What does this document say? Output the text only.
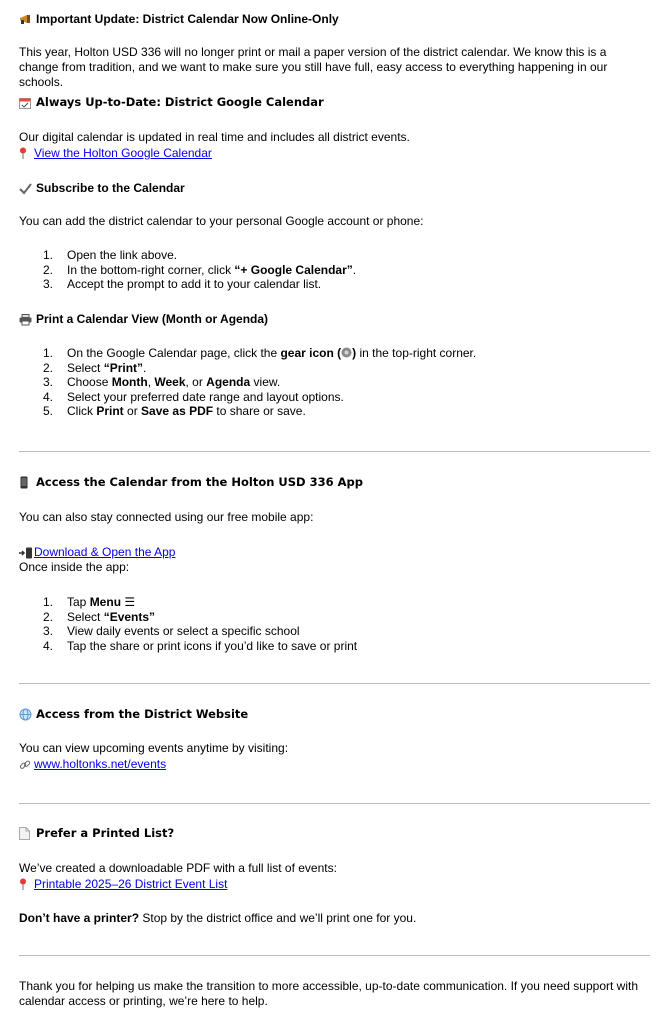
Important Update: District Calendar Now Online-Only
This year, Holton USD 336 will no longer print or mail a paper version of the district calendar. We know this is a change from tradition, and we want to make sure you still have full, easy access to everything happening in our schools.
Always Up-to-Date: District Google Calendar
Our digital calendar is updated in real time and includes all district events.
View the Holton Google Calendar
Subscribe to the Calendar
You can add the district calendar to your personal Google account or phone:
1. Open the link above.
2. In the bottom-right corner, click “+ Google Calendar”.
3. Accept the prompt to add it to your calendar list.
Print a Calendar View (Month or Agenda)
1. On the Google Calendar page, click the gear icon ( ) in the top-right corner.
2. Select “Print”.
3. Choose Month, Week, or Agenda view.
4. Select your preferred date range and layout options.
5. Click Print or Save as PDF to share or save.
Access the Calendar from the Holton USD 336 App
You can also stay connected using our free mobile app:
Download & Open the App
Once inside the app:
1. Tap Menu ☰
2. Select “Events”
3. View daily events or select a specific school
4. Tap the share or print icons if you’d like to save or print
Access from the District Website
You can view upcoming events anytime by visiting:
www.holtonks.net/events
Prefer a Printed List?
We’ve created a downloadable PDF with a full list of events:
Printable 2025–26 District Event List
Don’t have a printer? Stop by the district office and we’ll print one for you.
Thank you for helping us make the transition to more accessible, up-to-date communication. If you need support with calendar access or printing, we’re here to help.
